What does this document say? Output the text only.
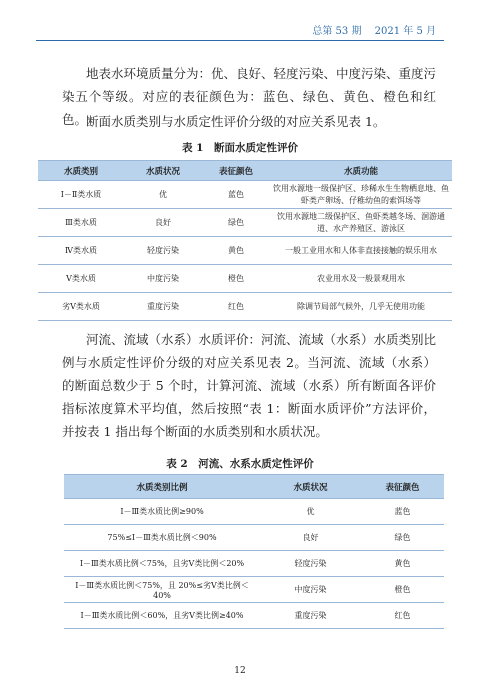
总第 53 期 2021 年 5 月

地表水环境质量分为：优、良好、轻度污染、中度污染、重度污染五个等级。对应的表征颜色为：蓝色、绿色、黄色、橙色和红色。

断面水质类别与水质定性评价分级的对应关系见表 1。

表 1　断面水质定性评价
水质类别	水质状况	表征颜色	水质功能
Ⅰ－Ⅱ类水质	优	蓝色	饮用水源地一级保护区、珍稀水生生物栖息地、鱼虾类产卵场、仔稚幼鱼的索饵场等
Ⅲ类水质	良好	绿色	饮用水源地二级保护区、鱼虾类越冬场、洄游通道、水产养殖区、游泳区
Ⅳ类水质	轻度污染	黄色	一般工业用水和人体非直接接触的娱乐用水
Ⅴ类水质	中度污染	橙色	农业用水及一般景观用水
劣Ⅴ类水质	重度污染	红色	除调节局部气候外，几乎无使用功能

河流、流域（水系）水质评价：河流、流域（水系）水质类别比例与水质定性评价分级的对应关系见表 2。当河流、流域（水系）的断面总数少于 5 个时，计算河流、流域（水系）所有断面各评价指标浓度算术平均值，然后按照“表 1：断面水质评价”方法评价，并按表 1 指出每个断面的水质类别和水质状况。

表 2　河流、水系水质定性评价
水质类别比例	水质状况	表征颜色
Ⅰ－Ⅲ类水质比例≥90%	优	蓝色
75%≤Ⅰ－Ⅲ类水质比例＜90%	良好	绿色
Ⅰ－Ⅲ类水质比例＜75%，且劣Ⅴ类比例＜20%	轻度污染	黄色
Ⅰ－Ⅲ类水质比例＜75%，且 20%≤劣Ⅴ类比例＜40%	中度污染	橙色
Ⅰ－Ⅲ类水质比例＜60%，且劣Ⅴ类比例≥40%	重度污染	红色
12
